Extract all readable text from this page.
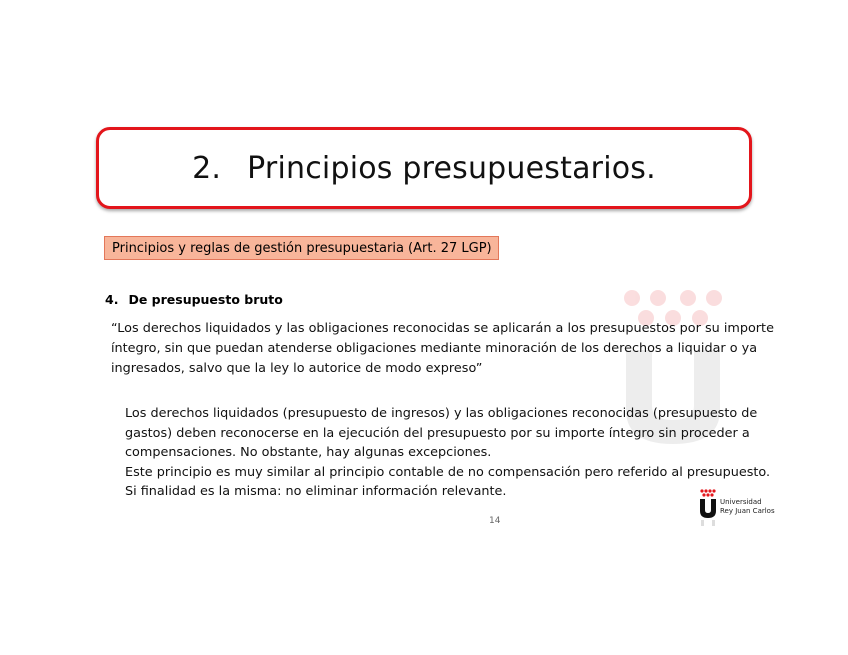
2. Principios presupuestarios.
Principios y reglas de gestión presupuestaria (Art. 27 LGP)
4. De presupuesto bruto

“Los derechos liquidados y las obligaciones reconocidas se aplicarán a los presupuestos por su importe

íntegro, sin que puedan atenderse obligaciones mediante minoración de los derechos a liquidar o ya

ingresados, salvo que la ley lo autorice de modo expreso”

Los derechos liquidados (presupuesto de ingresos) y las obligaciones reconocidas (presupuesto de

gastos) deben reconocerse en la ejecución del presupuesto por su importe íntegro sin proceder a

compensaciones. No obstante, hay algunas excepciones.

Este principio es muy similar al principio contable de no compensación pero referido al presupuesto.

Si finalidad es la misma: no eliminar información relevante.

Universidad
Rey Juan Carlos
14
